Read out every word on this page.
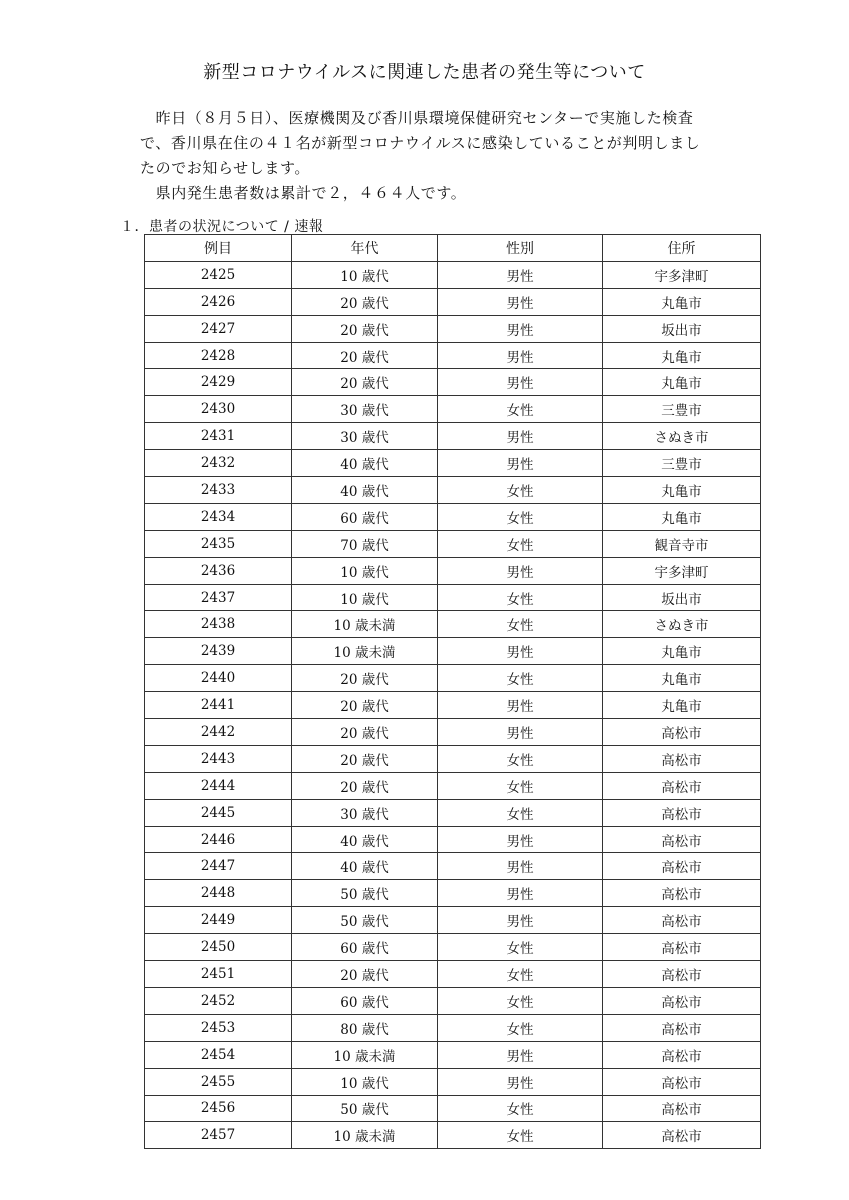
新型コロナウイルスに関連した患者の発生等について

　昨日（８月５日）、医療機関及び香川県環境保健研究センターで実施した検査

で、香川県在住の４１名が新型コロナウイルスに感染していることが判明しまし

たのでお知らせします。

　県内発生患者数は累計で２，４６４人です。

１．患者の状況について / 速報
例目	年代	性別	住所
2425	10 歳代	男性	宇多津町
2426	20 歳代	男性	丸亀市
2427	20 歳代	男性	坂出市
2428	20 歳代	男性	丸亀市
2429	20 歳代	男性	丸亀市
2430	30 歳代	女性	三豊市
2431	30 歳代	男性	さぬき市
2432	40 歳代	男性	三豊市
2433	40 歳代	女性	丸亀市
2434	60 歳代	女性	丸亀市
2435	70 歳代	女性	観音寺市
2436	10 歳代	男性	宇多津町
2437	10 歳代	女性	坂出市
2438	10 歳未満	女性	さぬき市
2439	10 歳未満	男性	丸亀市
2440	20 歳代	女性	丸亀市
2441	20 歳代	男性	丸亀市
2442	20 歳代	男性	高松市
2443	20 歳代	女性	高松市
2444	20 歳代	女性	高松市
2445	30 歳代	女性	高松市
2446	40 歳代	男性	高松市
2447	40 歳代	男性	高松市
2448	50 歳代	男性	高松市
2449	50 歳代	男性	高松市
2450	60 歳代	女性	高松市
2451	20 歳代	女性	高松市
2452	60 歳代	女性	高松市
2453	80 歳代	女性	高松市
2454	10 歳未満	男性	高松市
2455	10 歳代	男性	高松市
2456	50 歳代	女性	高松市
2457	10 歳未満	女性	高松市
